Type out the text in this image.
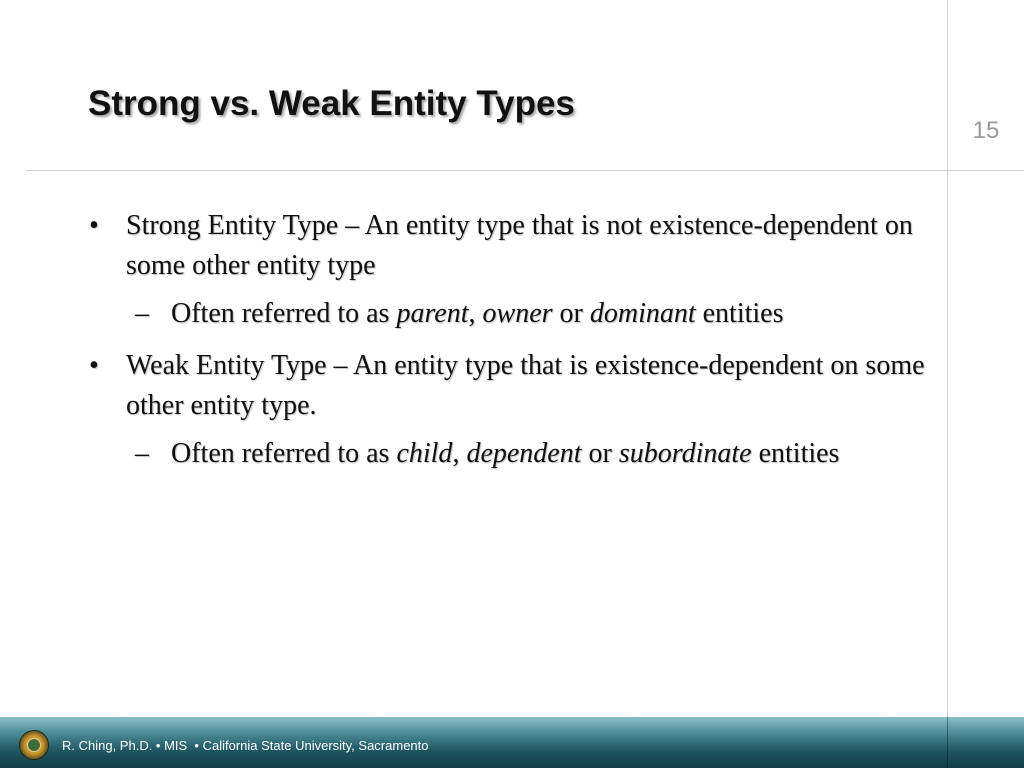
Strong vs. Weak Entity Types
15

• Strong Entity Type – An entity type that is not existence-dependent on some other entity type

– Often referred to as parent, owner or dominant entities

• Weak Entity Type – An entity type that is existence-dependent on some other entity type.

– Often referred to as child, dependent or subordinate entities

R. Ching, Ph.D. • MIS  • California State University, Sacramento
